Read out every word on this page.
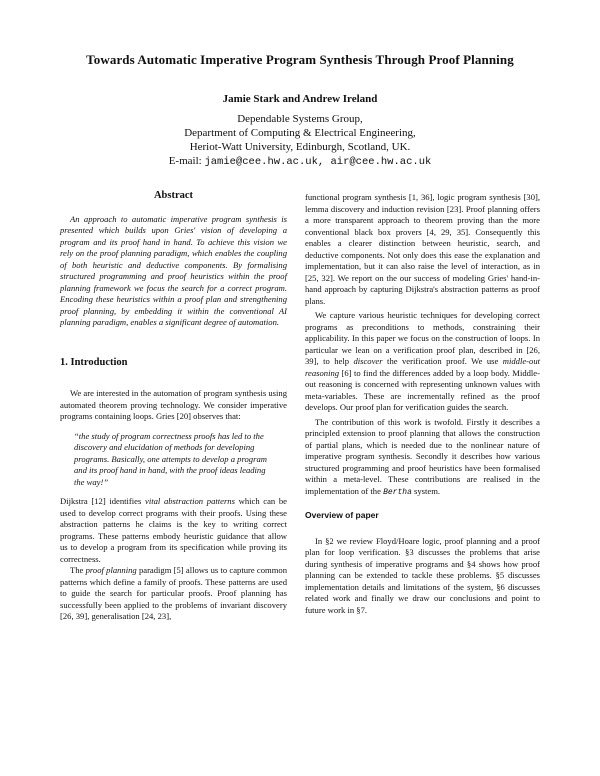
Towards Automatic Imperative Program Synthesis Through Proof Planning
Jamie Stark and Andrew Ireland
Dependable Systems Group,
Department of Computing & Electrical Engineering,
Heriot-Watt University, Edinburgh, Scotland, UK.
E-mail: jamie@cee.hw.ac.uk, air@cee.hw.ac.uk
Abstract

An approach to automatic imperative program synthesis is presented which builds upon Gries' vision of developing a program and its proof hand in hand. To achieve this vision we rely on the proof planning paradigm, which enables the coupling of both heuristic and deductive components. By formalising structured programming and proof heuristics within the proof planning framework we focus the search for a correct program. Encoding these heuristics within a proof plan and strengthening proof planning, by embedding it within the conventional AI planning paradigm, enables a significant degree of automation.

1. Introduction

We are interested in the automation of program synthesis using automated theorem proving technology. We consider imperative programs containing loops. Gries [20] observes that:

“the study of program correctness proofs has led to the discovery and elucidation of methods for developing programs. Basically, one attempts to develop a program and its proof hand in hand, with the proof ideas leading the way!”

Dijkstra [12] identifies vital abstraction patterns which can be used to develop correct programs with their proofs. Using these abstraction patterns he claims is the key to writing correct programs. These patterns embody heuristic guidance that allow us to develop a program from its specification while proving its correctness.

The proof planning paradigm [5] allows us to capture common patterns which define a family of proofs. These patterns are used to guide the search for particular proofs. Proof planning has successfully been applied to the problems of invariant discovery [26, 39], generalisation [24, 23],

functional program synthesis [1, 36], logic program synthesis [30], lemma discovery and induction revision [23]. Proof planning offers a more transparent approach to theorem proving than the more conventional black box provers [4, 29, 35]. Consequently this enables a clearer distinction between heuristic, search, and deductive components. Not only does this ease the explanation and implementation, but it can also raise the level of interaction, as in [25, 32]. We report on the our success of modeling Gries' hand-in-hand approach by capturing Dijkstra's abstraction patterns as proof plans.

We capture various heuristic techniques for developing correct programs as preconditions to methods, constraining their applicability. In this paper we focus on the construction of loops. In particular we lean on a verification proof plan, described in [26, 39], to help discover the verification proof. We use middle-out reasoning [6] to find the differences added by a loop body. Middle-out reasoning is concerned with representing unknown values with meta-variables. These are incrementally refined as the proof develops. Our proof plan for verification guides the search.

The contribution of this work is twofold. Firstly it describes a principled extension to proof planning that allows the construction of partial plans, which is needed due to the nonlinear nature of imperative program synthesis. Secondly it describes how various structured programming and proof heuristics have been formalised within a meta-level. These contributions are realised in the implementation of the Bertha system.

Overview of paper

In §2 we review Floyd/Hoare logic, proof planning and a proof plan for loop verification. §3 discusses the problems that arise during synthesis of imperative programs and §4 shows how proof planning can be extended to tackle these problems. §5 discusses implementation details and limitations of the system, §6 discusses related work and finally we draw our conclusions and point to future work in §7.
